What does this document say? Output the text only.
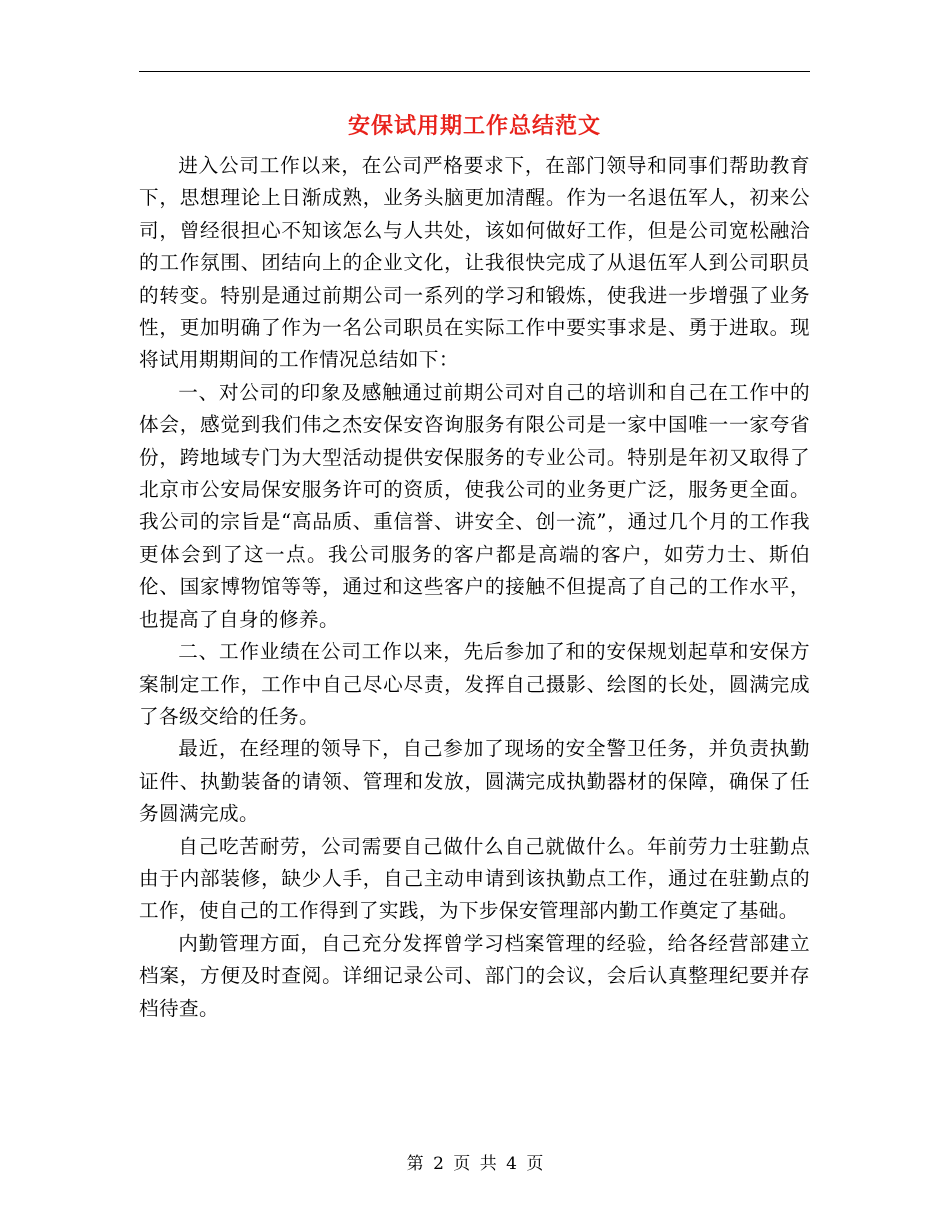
安保试用期工作总结范文

进入公司工作以来，在公司严格要求下，在部门领导和同事们帮助教育下，思想理论上日渐成熟，业务头脑更加清醒。作为一名退伍军人，初来公司，曾经很担心不知该怎么与人共处，该如何做好工作，但是公司宽松融洽的工作氛围、团结向上的企业文化，让我很快完成了从退伍军人到公司职员的转变。特别是通过前期公司一系列的学习和锻炼，使我进一步增强了业务性，更加明确了作为一名公司职员在实际工作中要实事求是、勇于进取。现将试用期期间的工作情况总结如下：

一、对公司的印象及感触通过前期公司对自己的培训和自己在工作中的体会，感觉到我们伟之杰安保安咨询服务有限公司是一家中国唯一一家夸省份，跨地域专门为大型活动提供安保服务的专业公司。特别是年初又取得了北京市公安局保安服务许可的资质，使我公司的业务更广泛，服务更全面。我公司的宗旨是“高品质、重信誉、讲安全、创一流”，通过几个月的工作我更体会到了这一点。我公司服务的客户都是高端的客户，如劳力士、斯伯伦、国家博物馆等等，通过和这些客户的接触不但提高了自己的工作水平，也提高了自身的修养。

二、工作业绩在公司工作以来，先后参加了和的安保规划起草和安保方案制定工作，工作中自己尽心尽责，发挥自己摄影、绘图的长处，圆满完成了各级交给的任务。

最近，在经理的领导下，自己参加了现场的安全警卫任务，并负责执勤证件、执勤装备的请领、管理和发放，圆满完成执勤器材的保障，确保了任务圆满完成。

自己吃苦耐劳，公司需要自己做什么自己就做什么。年前劳力士驻勤点由于内部装修，缺少人手，自己主动申请到该执勤点工作，通过在驻勤点的工作，使自己的工作得到了实践，为下步保安管理部内勤工作奠定了基础。

内勤管理方面，自己充分发挥曾学习档案管理的经验，给各经营部建立档案，方便及时查阅。详细记录公司、部门的会议，会后认真整理纪要并存档待查。

第 2 页 共 4 页
